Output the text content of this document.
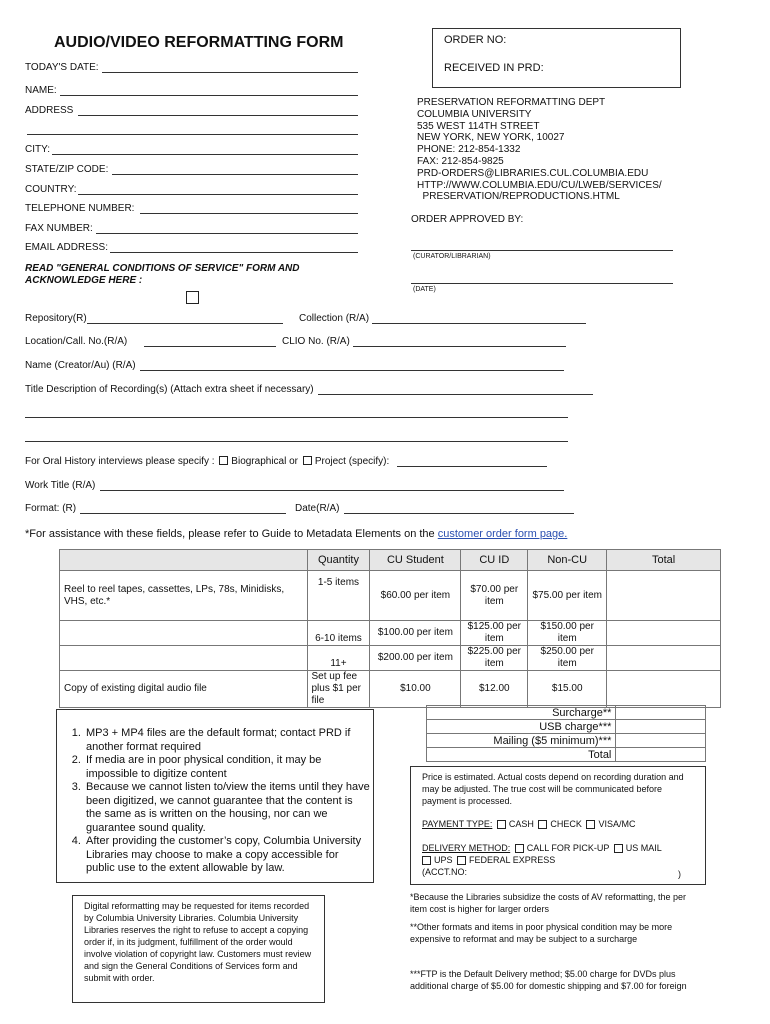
AUDIO/VIDEO REFORMATTING FORM
TODAY'S DATE:
ORDER NO:
RECEIVED IN PRD:
NAME:
ADDRESS
CITY:
STATE/ZIP CODE:
COUNTRY:
TELEPHONE NUMBER:
FAX NUMBER:
EMAIL ADDRESS:
READ "GENERAL CONDITIONS OF SERVICE" FORM AND ACKNOWLEDGE HERE :
PRESERVATION REFORMATTING DEPT
COLUMBIA UNIVERSITY
535 WEST 114TH STREET
NEW YORK, NEW YORK, 10027
PHONE: 212-854-1332
FAX: 212-854-9825
PRD-ORDERS@LIBRARIES.CUL.COLUMBIA.EDU
HTTP://WWW.COLUMBIA.EDU/CU/LWEB/SERVICES/
PRESERVATION/REPRODUCTIONS.HTML
ORDER APPROVED BY:
(CURATOR/LIBRARIAN)
(DATE)
Repository(R)	Collection (R/A)
Location/Call. No.(R/A)	CLIO No. (R/A)
Name (Creator/Au) (R/A)
Title Description of Recording(s) (Attach extra sheet if necessary)
For Oral History interviews please specify : Biographical or Project (specify):
Work Title (R/A)
Format: (R)	Date(R/A)
*For assistance with these fields, please refer to Guide to Metadata Elements on the customer order form page.
	Quantity	CU Student	CU ID	Non-CU	Total
Reel to reel tapes, cassettes, LPs, 78s, Minidisks, VHS, etc.*	1-5 items	$60.00 per item	$70.00 per item	$75.00 per item	
	6-10 items	$100.00 per item	$125.00 per item	$150.00 per item	
	11+	$200.00 per item	$225.00 per item	$250.00 per item	
Copy of existing digital audio file	Set up fee plus $1 per file	$10.00	$12.00	$15.00	
Surcharge**	
USB charge***	
Mailing ($5 minimum)***	
Total	
1. MP3 + MP4 files are the default format; contact PRD if another format required
2. If media are in poor physical condition, it may be impossible to digitize content
3. Because we cannot listen to/view the items until they have been digitized, we cannot guarantee that the content is the same as is written on the housing, nor can we guarantee sound quality.
4. After providing the customer’s copy, Columbia University Libraries may choose to make a copy accessible for public use to the extent allowable by law.
Price is estimated. Actual costs depend on recording duration and may be adjusted. The true cost will be communicated before payment is processed.
PAYMENT TYPE: CASH CHECK VISA/MC
DELIVERY METHOD: CALL FOR PICK-UP US MAIL
UPS FEDERAL EXPRESS
(ACCT.NO:	)
*Because the Libraries subsidize the costs of AV reformatting, the per item cost is higher for larger orders
**Other formats and items in poor physical condition may be more expensive to reformat and may be subject to a surcharge
***FTP is the Default Delivery method; $5.00 charge for DVDs plus additional charge of $5.00 for domestic shipping and $7.00 for foreign
Digital reformatting may be requested for items recorded by Columbia University Libraries. Columbia University Libraries reserves the right to refuse to accept a copying order if, in its judgment, fulfillment of the order would involve violation of copyright law. Customers must review and sign the General Conditions of Services form and submit with order.
